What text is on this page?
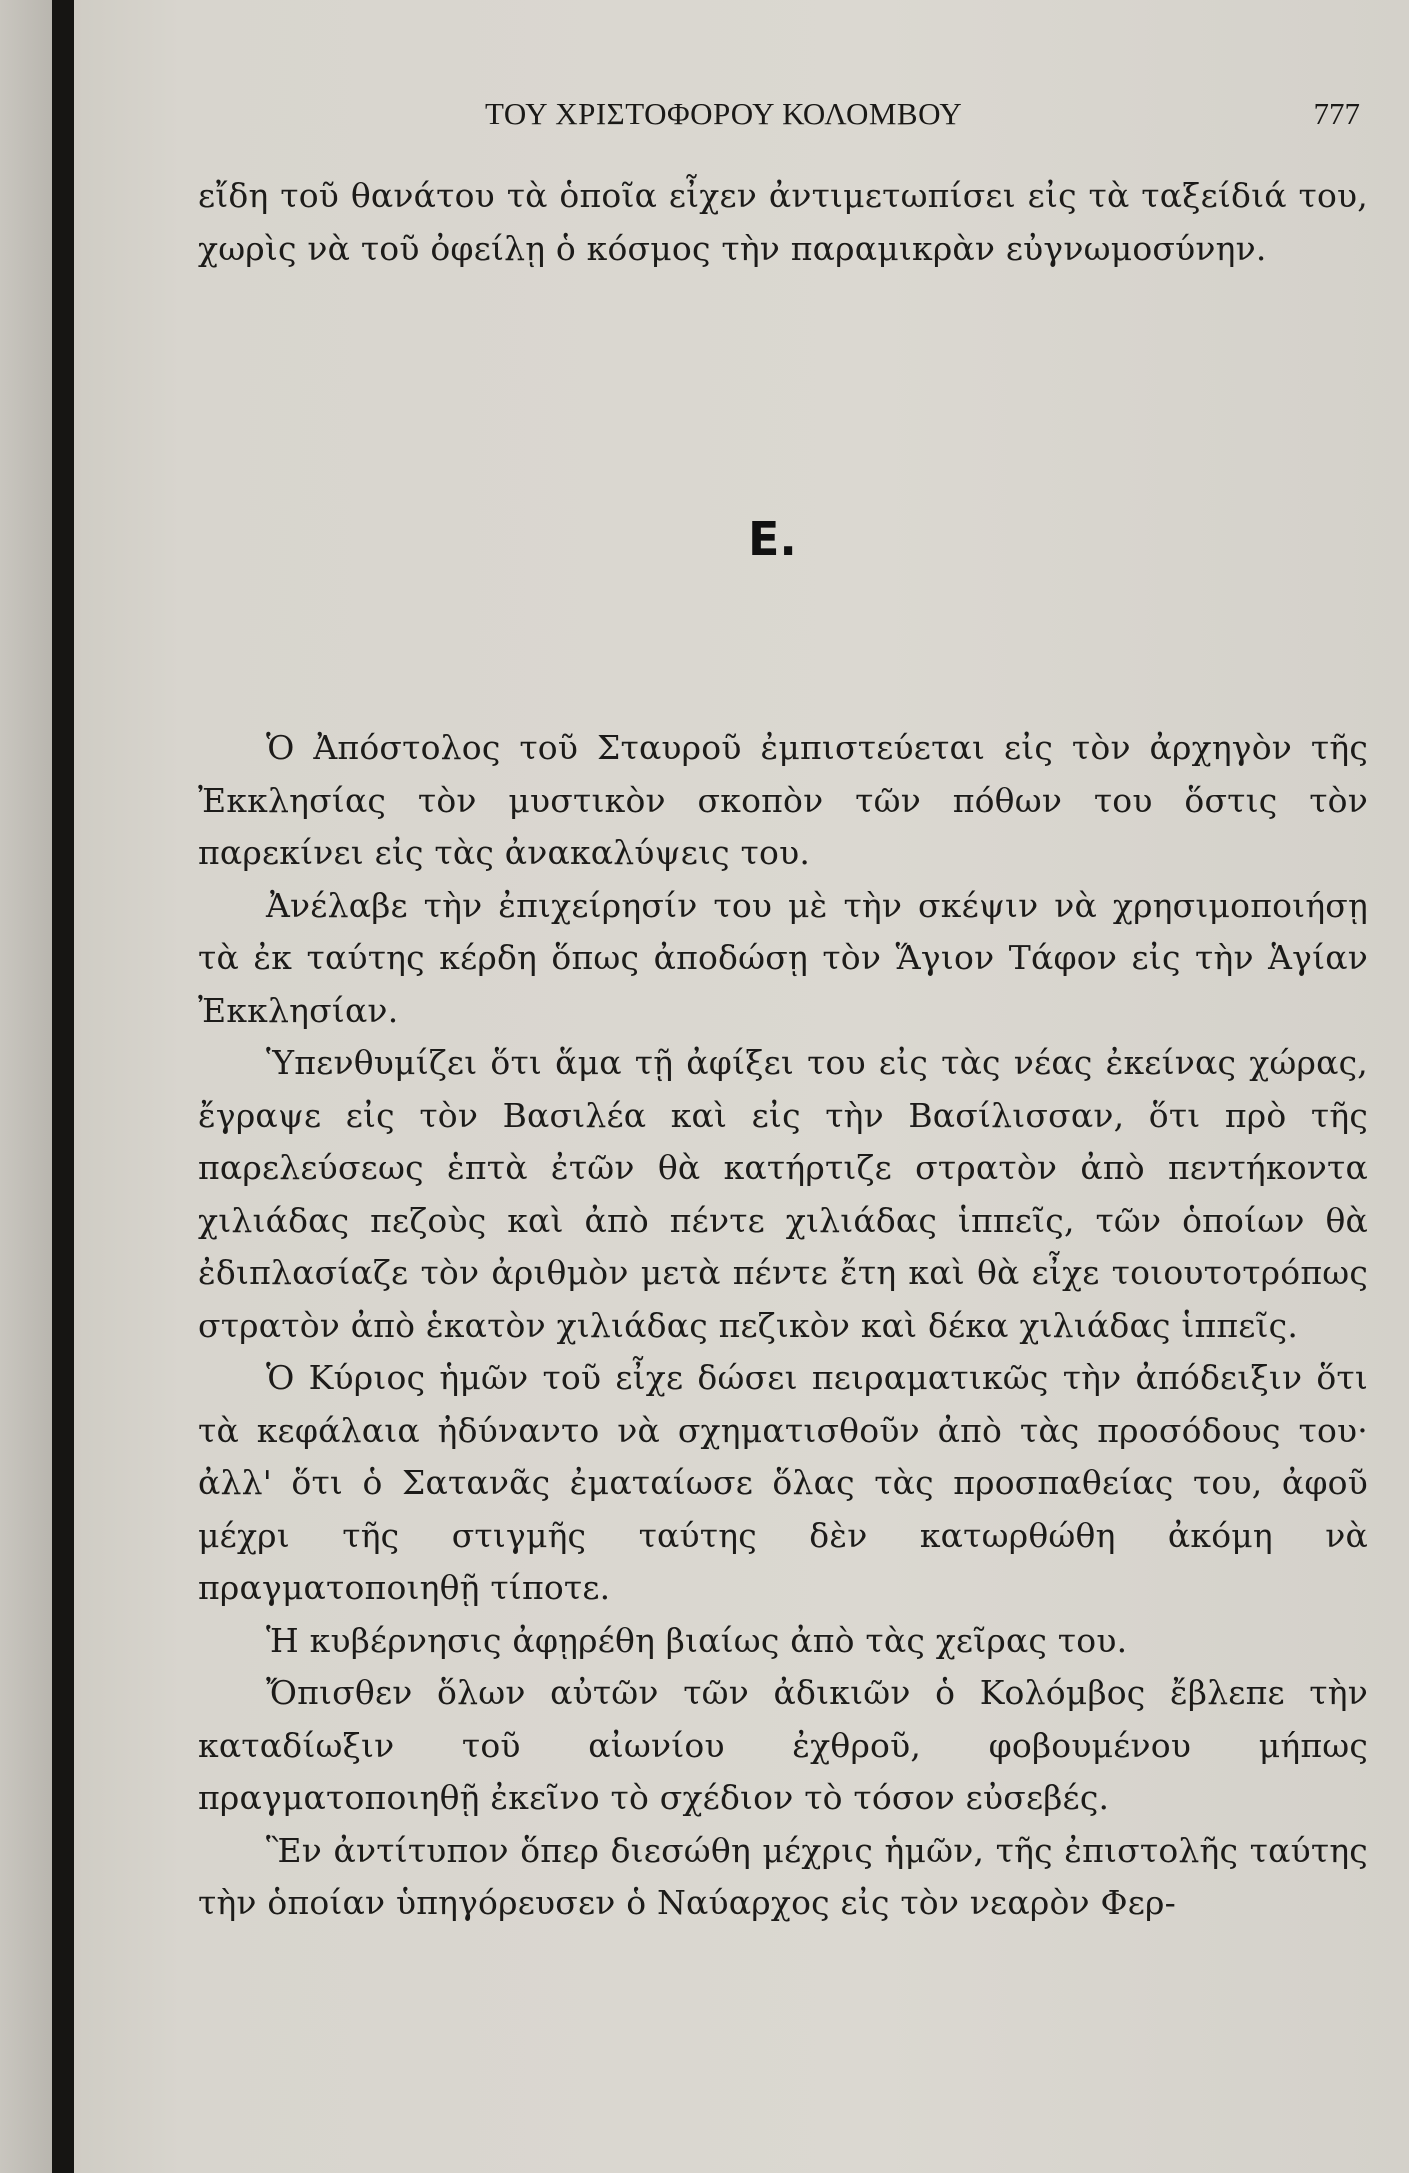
ΤΟΥ ΧΡΙΣΤΟΦΟΡΟΥ ΚΟΛΟΜΒΟΥ	777

εἴδη τοῦ θανάτου τὰ ὁποῖα εἶχεν ἀντιμετωπίσει εἰς τὰ ταξείδιά του, χωρὶς νὰ τοῦ ὀφείλῃ ὁ κόσμος τὴν παραμικρὰν εὐγνωμοσύνην.

Ε.

Ὁ Ἀπόστολος τοῦ Σταυροῦ ἐμπιστεύεται εἰς τὸν ἀρχηγὸν τῆς Ἐκκλησίας τὸν μυστικὸν σκοπὸν τῶν πόθων του ὅστις τὸν παρεκίνει εἰς τὰς ἀνακαλύψεις του.

Ἀνέλαβε τὴν ἐπιχείρησίν του μὲ τὴν σκέψιν νὰ χρησιμοποιήσῃ τὰ ἐκ ταύτης κέρδη ὅπως ἀποδώσῃ τὸν Ἅγιον Τάφον εἰς τὴν Ἁγίαν Ἐκκλησίαν.

Ὑπενθυμίζει ὅτι ἅμα τῇ ἀφίξει του εἰς τὰς νέας ἐκείνας χώρας, ἔγραψε εἰς τὸν Βασιλέα καὶ εἰς τὴν Βασίλισσαν, ὅτι πρὸ τῆς παρελεύσεως ἑπτὰ ἐτῶν θὰ κατήρτιζε στρατὸν ἀπὸ πεντήκοντα χιλιάδας πεζοὺς καὶ ἀπὸ πέντε χιλιάδας ἱππεῖς, τῶν ὁποίων θὰ ἐδιπλασίαζε τὸν ἀριθμὸν μετὰ πέντε ἔτη καὶ θὰ εἶχε τοιουτοτρόπως στρατὸν ἀπὸ ἑκατὸν χιλιάδας πεζικὸν καὶ δέκα χιλιάδας ἱππεῖς.

Ὁ Κύριος ἡμῶν τοῦ εἶχε δώσει πειραματικῶς τὴν ἀπόδειξιν ὅτι τὰ κεφάλαια ἠδύναντο νὰ σχηματισθοῦν ἀπὸ τὰς προσόδους του· ἀλλ' ὅτι ὁ Σατανᾶς ἐματαίωσε ὅλας τὰς προσπαθείας του, ἀφοῦ μέχρι τῆς στιγμῆς ταύτης δὲν κατωρθώθη ἀκόμη νὰ πραγματοποιηθῇ τίποτε.

Ἡ κυβέρνησις ἀφῃρέθη βιαίως ἀπὸ τὰς χεῖρας του.

Ὄπισθεν ὅλων αὐτῶν τῶν ἀδικιῶν ὁ Κολόμβος ἔβλεπε τὴν καταδίωξιν τοῦ αἰωνίου ἐχθροῦ, φοβουμένου μήπως πραγματοποιηθῇ ἐκεῖνο τὸ σχέδιον τὸ τόσον εὐσεβές.

Ἓν ἀντίτυπον ὅπερ διεσώθη μέχρις ἡμῶν, τῆς ἐπιστολῆς ταύτης τὴν ὁποίαν ὑπηγόρευσεν ὁ Ναύαρχος εἰς τὸν νεαρὸν Φερ-
